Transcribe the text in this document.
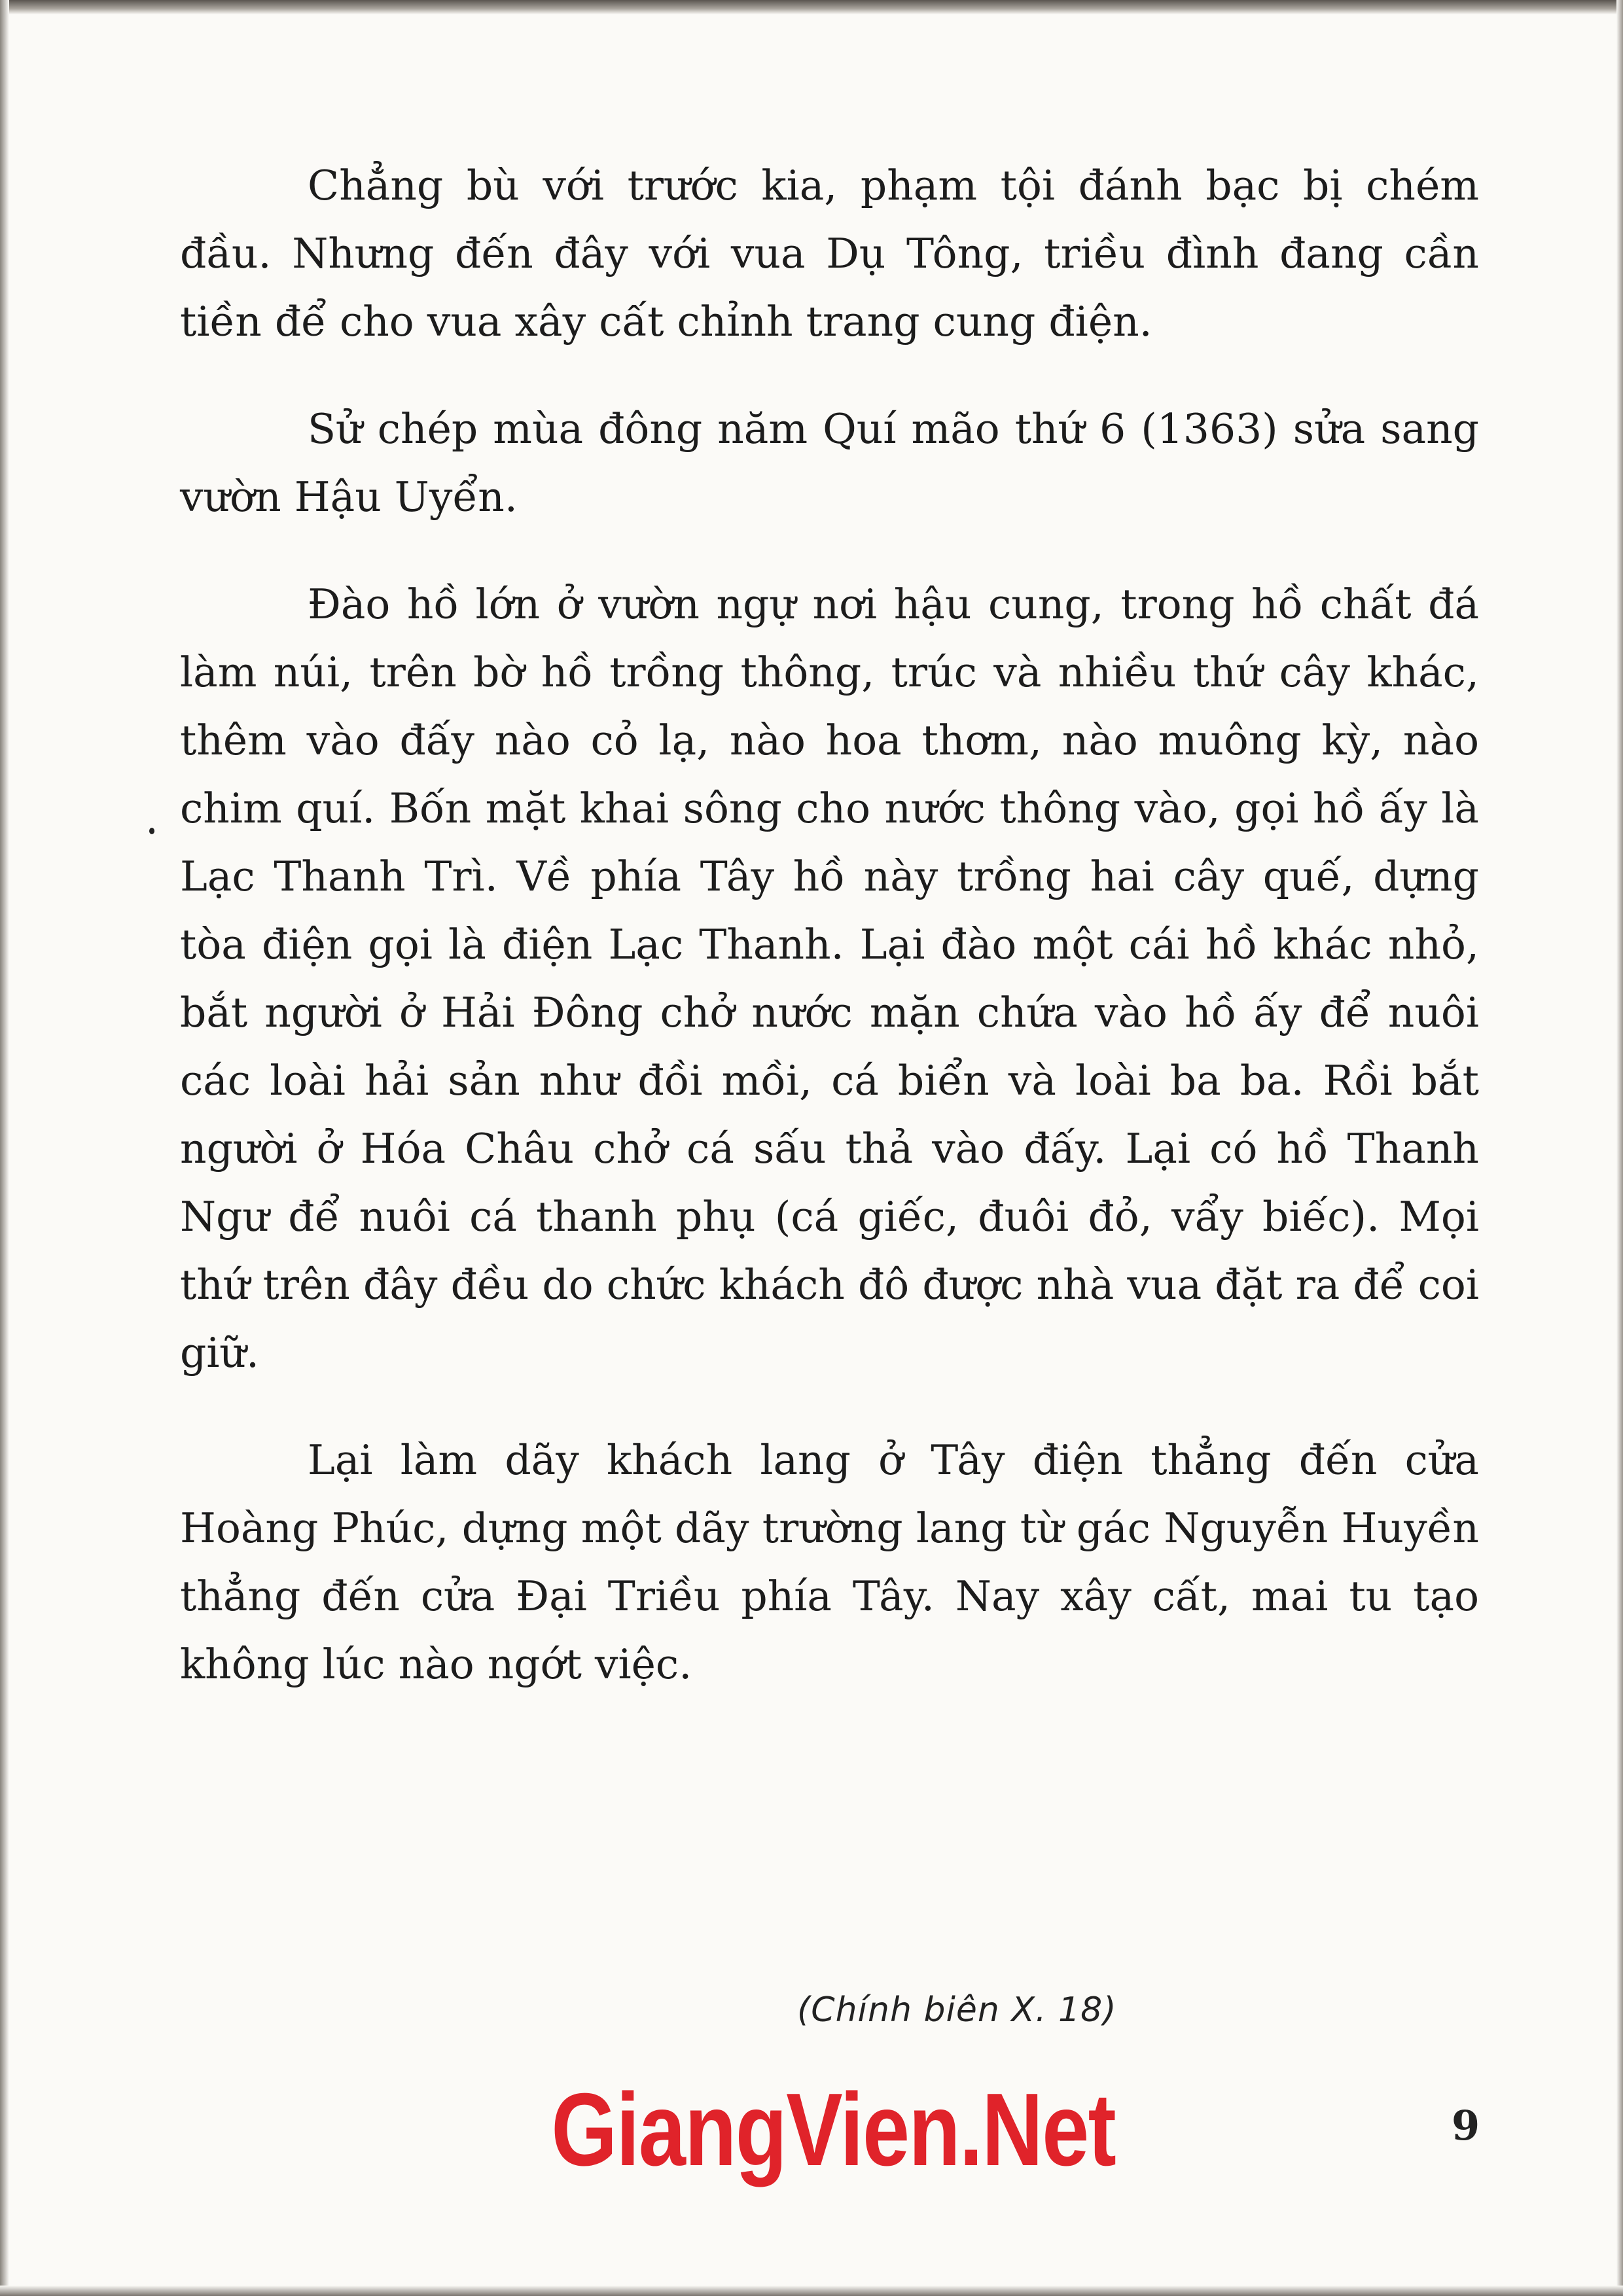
Chẳng bù với trước kia, phạm tội đánh bạc bị chém đầu. Nhưng đến đây với vua Dụ Tông, triều đình đang cần tiền để cho vua xây cất chỉnh trang cung điện.

Sử chép mùa đông năm Quí mão thứ 6 (1363) sửa sang vườn Hậu Uyển.

Đào hồ lớn ở vườn ngự nơi hậu cung, trong hồ chất đá làm núi, trên bờ hồ trồng thông, trúc và nhiều thứ cây khác, thêm vào đấy nào cỏ lạ, nào hoa thơm, nào muông kỳ, nào chim quí. Bốn mặt khai sông cho nước thông vào, gọi hồ ấy là Lạc Thanh Trì. Về phía Tây hồ này trồng hai cây quế, dựng tòa điện gọi là điện Lạc Thanh. Lại đào một cái hồ khác nhỏ, bắt người ở Hải Đông chở nước mặn chứa vào hồ ấy để nuôi các loài hải sản như đồi mồi, cá biển và loài ba ba. Rồi bắt người ở Hóa Châu chở cá sấu thả vào đấy. Lại có hồ Thanh Ngư để nuôi cá thanh phụ (cá giếc, đuôi đỏ, vẩy biếc). Mọi thứ trên đây đều do chức khách đô được nhà vua đặt ra để coi giữ.

Lại làm dãy khách lang ở Tây điện thẳng đến cửa Hoàng Phúc, dựng một dãy trường lang từ gác Nguyễn Huyền thẳng đến cửa Đại Triều phía Tây. Nay xây cất, mai tu tạo không lúc nào ngớt việc.

(Chính biên X. 18)
GiangVien.Net	9
